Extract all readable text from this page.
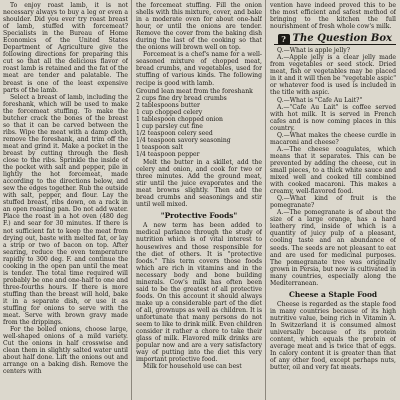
To enjoy roast lamb, it is not necessary always to buy a leg or even a shoulder. Did you ever try roast breast of lamb, stuffed with forcemeat? Specialists in the Bureau of Home Economics of the United States Department of Agriculture give the following directions for preparing this cut so that all the delicious flavor of roast lamb is retained and the fat of the meat are tender and palatable. The breast is one of the least expensive parts of the lamb.

Select a breast of lamb, including the foreshank, which will be used to make the forcemeat stuffing. To make the butcher crack the bones of the breast so that it can be carved between the ribs. Wipe the meat with a damp cloth, remove the foreshank, and trim off the meat and grind it. Make a pocket in the breast by cutting through the flesh close to the ribs. Sprinkle the inside of the pocket with salt and pepper, pile in lightly the hot forcemeat, made according to the directions below, and sew the edges together. Rub the outside with salt, pepper, and flour. Lay the stuffed breast, ribs down, on a rack in an open roasting pan. Do not add water. Place the roast in a hot oven (480 deg F.) and sear for 30 minutes. If there is not sufficient fat to keep the meat from drying out, baste with melted fat, or lay a strip or two of bacon on top. After searing, reduce the oven temperature rapidly to 300 deg. F. and continue the cooking in the open pan until the meat is tender. The total time required will probably be one and one-half to one and three-fourths hours. If there is more stuffing than the breast will hold, bake it in a separate dish, or use it as stuffing for onions to serve with the meat. Serve with brown gravy made from the drippings.

For the boiled onions, choose large, well-shaped onions of a mild variety. Cut the onions in half crosswise and clean them in slightly salted water until about half done. Lift the onions out and arrange on a baking dish. Remove the centers with

the forcemeat stuffing. Fill the onion shells with this mixture, cover, and bake in a moderate oven for about one-half hour, or until the onions are tender. Remove the cover from the baking dish during the last of the cooking so that the onions will brown well on top.

Forcemeat is a chef's name for a well-seasoned mixture of chopped meat, bread crumbs, and vegetables, used for stuffing of various kinds. The following recipe is good with lamb.

Ground lean meat from the foreshank
2 cups fine dry bread crumbs
2 tablespoons butter
1 cup chopped celery
1 tablespoon chopped onion
1 cup parsley cut fine
1/2 teaspoon celery seed
1/4 teaspoon savory seasoning
1 teaspoon salt
1/4 teaspoon pepper

Melt the butter in a skillet, add the celery and onion, and cook for two or three minutes. Add the ground meat, stir until the juice evaporates and the meat browns slightly. Then add the bread crumbs and seasonings and stir until well mixed.

"Protective Foods"

A new term has been added to medical parlance through the study of nutrition which is of vital interest to housewives and those responsible for the diet of others. It is "protective foods." This term covers those foods which are rich in vitamins and in the necessary body and bone building minerals. Cow's milk has often been said to be the greatest of all protective foods. On this account it should always make up a considerable part of the diet of all, grownups as well as children. It is unfortunate that many persons do not seem to like to drink milk. Even children consider it rather a chore to take their glass of milk. Flavored milk drinks are popular now and are a very satisfactory way of putting into the diet this very important protective food.

Milk for household use can best

vention have indeed proved this to be the most efficient and safest method of bringing to the kitchen the full nourishment of fresh whole cow's milk.

? The Question Box

Q.—What is apple jelly?

A.—Apple jelly is a clear jelly made from vegetables or seed stock. Dried meat, fish or vegetables may be placed in it and it will then be "vegetable aspic" or whatever food is used is included in the title with aspic.

Q.—What is "Cafe Au Lait?"

A.—"Cafe Au Lait" is coffee served with hot milk. It is served in French cafes and is now coming places in this country.

Q.—What makes the cheese curdle in macaroni and cheese?

A.—The cheese coagulates, which means that it separates. This can be prevented by adding the cheese, cut in small pieces, to a thick white sauce and mixed well and cooked till combined with cooked macaroni. This makes a creamy, well-flavored food.

Q.—What kind of fruit is the pomegranate?

A.—The pomegranate is of about the size of a large orange, has a hard leathery rind, inside of which is a quantity of juicy pulp of a pleasant, cooling taste and an abundance of seeds. The seeds are not pleasant to eat and are used for medicinal purposes. The pomegranate tree was originally grown in Persia, but now is cultivated in many countries, especially along the Mediterranean.

Cheese a Staple Food

Cheese is regarded as the staple food in many countries because of its high nutritive value, being rich in Vitamin A. In Switzerland it is consumed almost universally because of its protein content, which equals the protein of average meat and is twice that of eggs. In calory content it is greater than that of any other food, except perhaps nuts, butter, oil and very fat meats.
